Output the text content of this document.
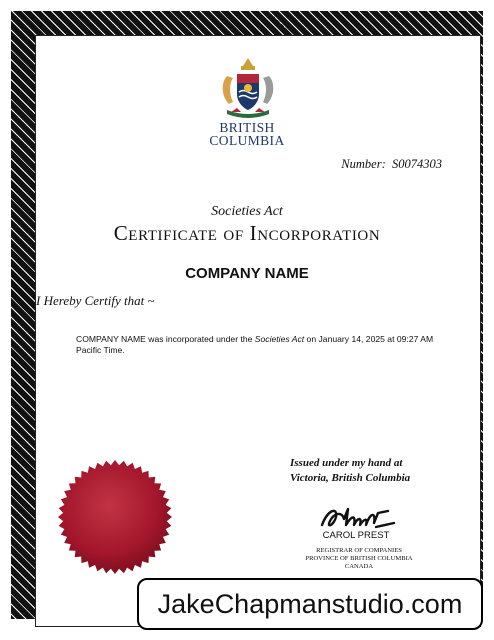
BRITISH
COLUMBIA
Number: S0074303
Societies Act
Certificate of Incorporation
COMPANY NAME
I Hereby Certify that ~
COMPANY NAME was incorporated under the Societies Act on January 14, 2025 at 09:27 AM Pacific Time.
Issued under my hand at
Victoria, British Columbia
CAROL PREST
REGISTRAR OF COMPANIES
PROVINCE OF BRITISH COLUMBIA
CANADA
JakeChapmanstudio.com
